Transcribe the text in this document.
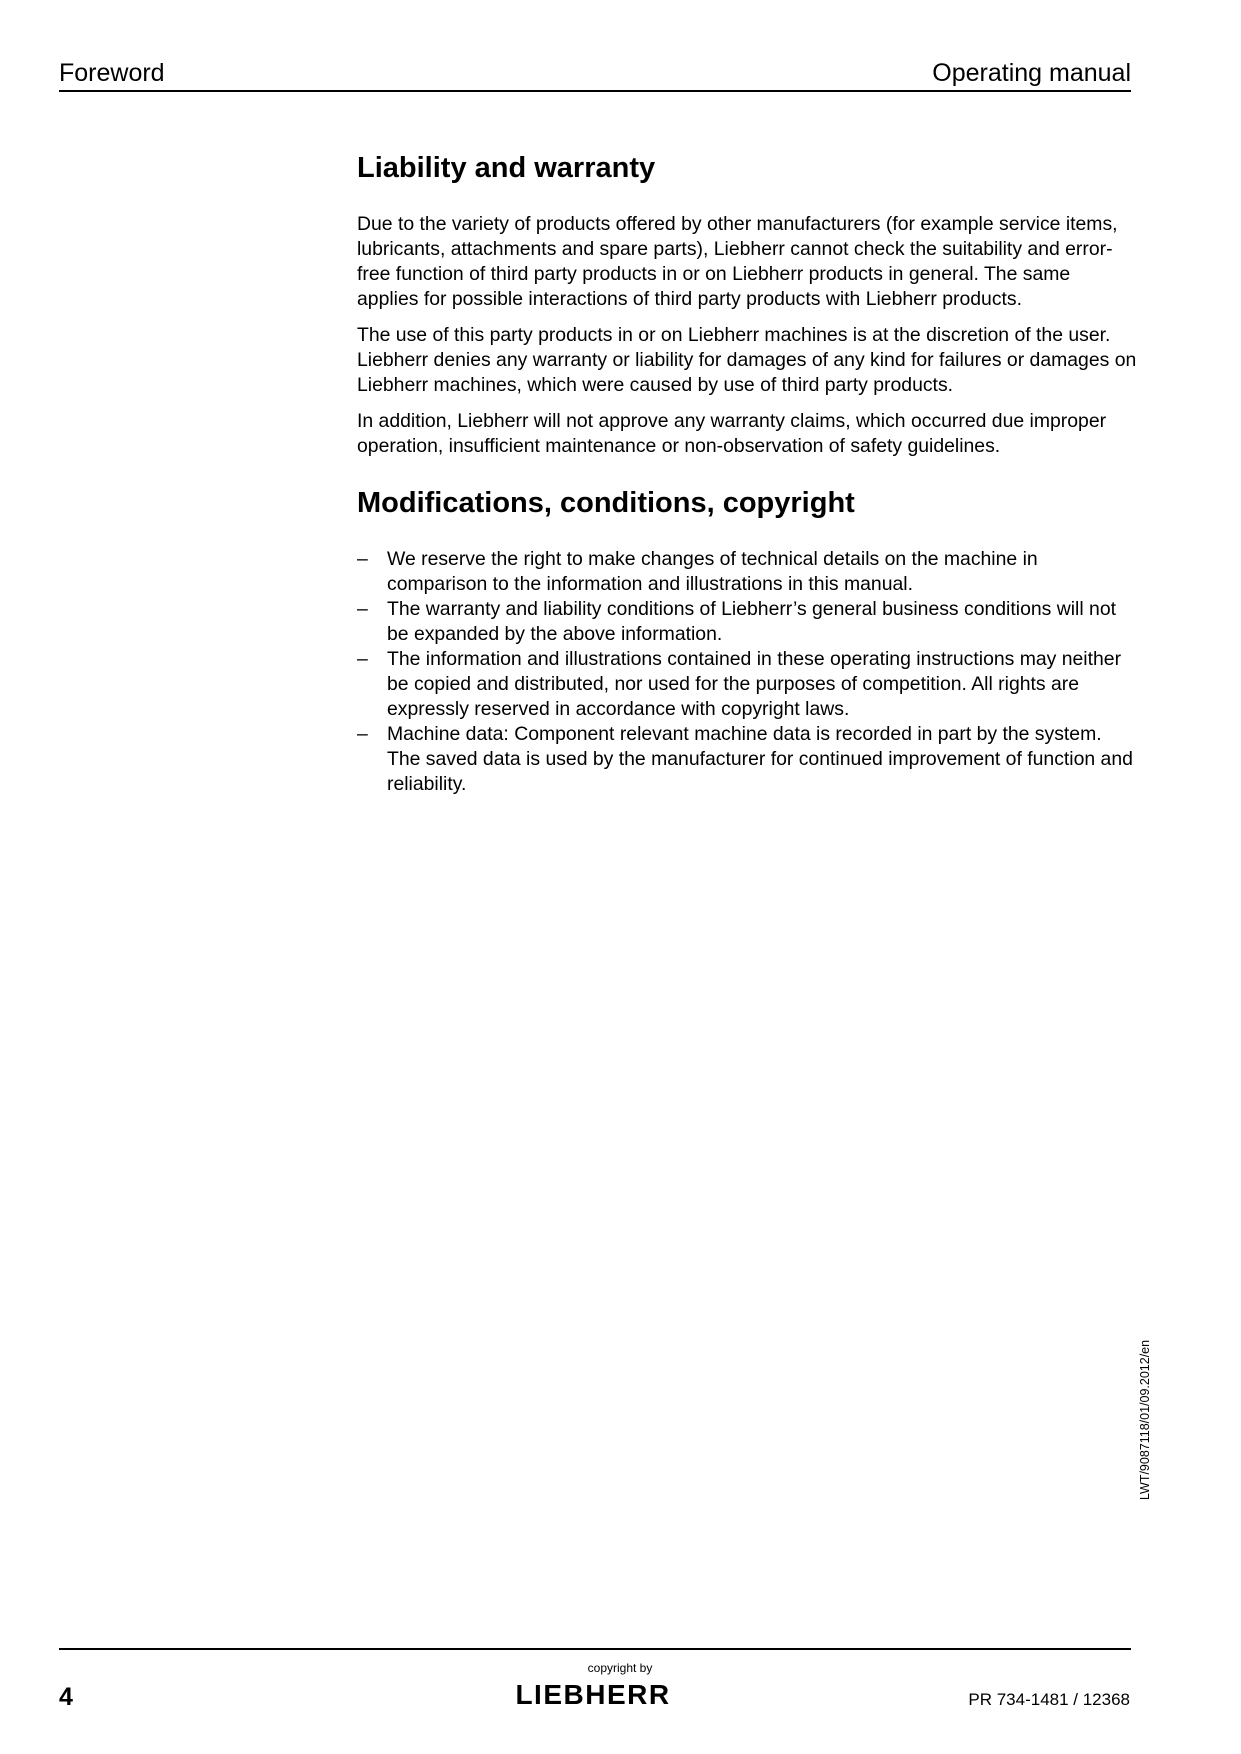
Foreword	Operating manual
Liability and warranty

Due to the variety of products offered by other manufacturers (for example service items, lubricants, attachments and spare parts), Liebherr cannot check the suitability and error-free function of third party products in or on Liebherr products in general. The same applies for possible interactions of third party products with Liebherr products.

The use of this party products in or on Liebherr machines is at the discretion of the user. Liebherr denies any warranty or liability for damages of any kind for failures or damages on Liebherr machines, which were caused by use of third party products.

In addition, Liebherr will not approve any warranty claims, which occurred due improper operation, insufficient maintenance or non-observation of safety guidelines.

Modifications, conditions, copyright
– We reserve the right to make changes of technical details on the machine in comparison to the information and illustrations in this manual.
– The warranty and liability conditions of Liebherr’s general business conditions will not be expanded by the above information.
– The information and illustrations contained in these operating instructions may neither be copied and distributed, nor used for the purposes of competition. All rights are expressly reserved in accordance with copyright laws.
– Machine data: Component relevant machine data is recorded in part by the system. The saved data is used by the manufacturer for continued improvement of function and reliability.
LWT/9087118/01/09.2012/en
4
copyright by
LIEBHERR	PR 734-1481 / 12368
